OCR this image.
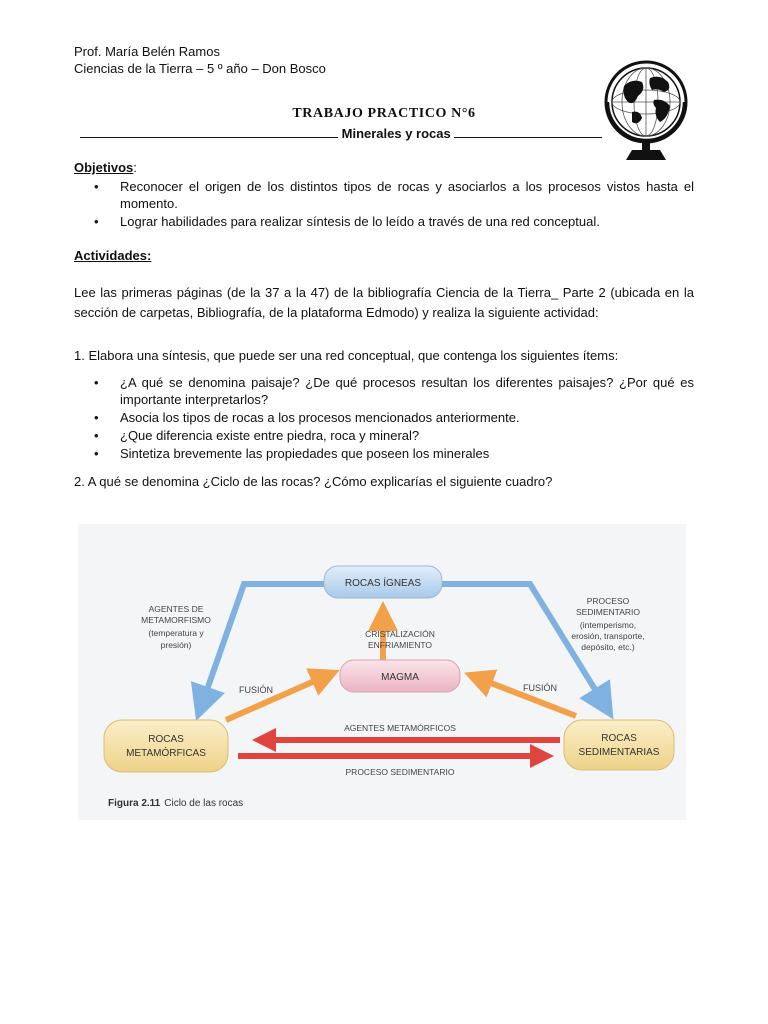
Prof. María Belén Ramos
Ciencias de la Tierra – 5 º año – Don Bosco
TRABAJO PRACTICO N°6
Minerales y rocas
Objetivos:
• Reconocer el origen de los distintos tipos de rocas y asociarlos a los procesos vistos hasta el momento.
• Lograr habilidades para realizar síntesis de lo leído a través de una red conceptual.
Actividades:
Lee las primeras páginas (de la 37 a la 47) de la bibliografía Ciencia de la Tierra_ Parte 2 (ubicada en la sección de carpetas, Bibliografía, de la plataforma Edmodo) y realiza la siguiente actividad:
1. Elabora una síntesis, que puede ser una red conceptual, que contenga los siguientes ítems:
• ¿A qué se denomina paisaje? ¿De qué procesos resultan los diferentes paisajes? ¿Por qué es importante interpretarlos?
• Asocia los tipos de rocas a los procesos mencionados anteriormente.
• ¿Que diferencia existe entre piedra, roca y mineral?
• Sintetiza brevemente las propiedades que poseen los minerales
2. A qué se denomina ¿Ciclo de las rocas? ¿Cómo explicarías el siguiente cuadro?
ROCAS ÍGNEAS
MAGMA
ROCAS
METAMÓRFICAS
ROCAS
SEDIMENTARIAS
AGENTES DE
METAMORFISMO
(temperatura y
presión)
PROCESO
SEDIMENTARIO
(intemperismo,
erosión, transporte,
depósito, etc.)
CRISTALIZACIÓN
ENFRIAMIENTO
FUSIÓN	FUSIÓN
AGENTES METAMÓRFICOS
PROCESO SEDIMENTARIO
Figura 2.11 Ciclo de las rocas
